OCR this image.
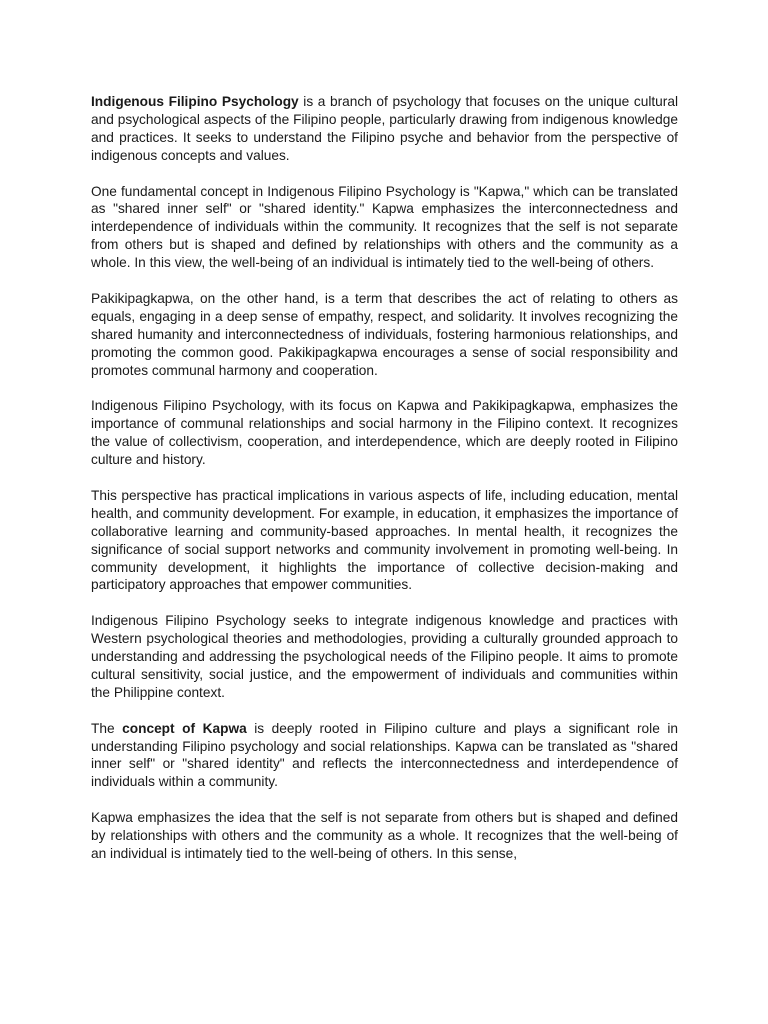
Indigenous Filipino Psychology is a branch of psychology that focuses on the unique cultural and psychological aspects of the Filipino people, particularly drawing from indigenous knowledge and practices. It seeks to understand the Filipino psyche and behavior from the perspective of indigenous concepts and values.

One fundamental concept in Indigenous Filipino Psychology is "Kapwa," which can be translated as "shared inner self" or "shared identity." Kapwa emphasizes the interconnectedness and interdependence of individuals within the community. It recognizes that the self is not separate from others but is shaped and defined by relationships with others and the community as a whole. In this view, the well-being of an individual is intimately tied to the well-being of others.

Pakikipagkapwa, on the other hand, is a term that describes the act of relating to others as equals, engaging in a deep sense of empathy, respect, and solidarity. It involves recognizing the shared humanity and interconnectedness of individuals, fostering harmonious relationships, and promoting the common good. Pakikipagkapwa encourages a sense of social responsibility and promotes communal harmony and cooperation.

Indigenous Filipino Psychology, with its focus on Kapwa and Pakikipagkapwa, emphasizes the importance of communal relationships and social harmony in the Filipino context. It recognizes the value of collectivism, cooperation, and interdependence, which are deeply rooted in Filipino culture and history.

This perspective has practical implications in various aspects of life, including education, mental health, and community development. For example, in education, it emphasizes the importance of collaborative learning and community-based approaches. In mental health, it recognizes the significance of social support networks and community involvement in promoting well-being. In community development, it highlights the importance of collective decision-making and participatory approaches that empower communities.

Indigenous Filipino Psychology seeks to integrate indigenous knowledge and practices with Western psychological theories and methodologies, providing a culturally grounded approach to understanding and addressing the psychological needs of the Filipino people. It aims to promote cultural sensitivity, social justice, and the empowerment of individuals and communities within the Philippine context.

The concept of Kapwa is deeply rooted in Filipino culture and plays a significant role in understanding Filipino psychology and social relationships. Kapwa can be translated as "shared inner self" or "shared identity" and reflects the interconnectedness and interdependence of individuals within a community.

Kapwa emphasizes the idea that the self is not separate from others but is shaped and defined by relationships with others and the community as a whole. It recognizes that the well-being of an individual is intimately tied to the well-being of others. In this sense,
